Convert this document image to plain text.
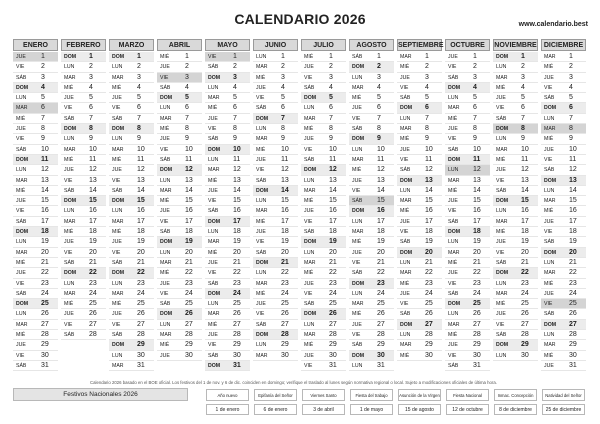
CALENDARIO 2026	www.calendario.best
ENERO
JUE 1
VIE 2
SÁB 3
DOM 4
LUN 5
MAR 6
MIÉ 7
JUE 8
VIE 9
SÁB 10
DOM 11
LUN 12
MAR 13
MIÉ 14
JUE 15
VIE 16
SÁB 17
DOM 18
LUN 19
MAR 20
MIÉ 21
JUE 22
VIE 23
SÁB 24
DOM 25
LUN 26
MAR 27
MIÉ 28
JUE 29
VIE 30
SÁB 31
FEBRERO
DOM 1
LUN 2
MAR 3
MIÉ 4
JUE 5
VIE 6
SÁB 7
DOM 8
LUN 9
MAR 10
MIÉ 11
JUE 12
VIE 13
SÁB 14
DOM 15
LUN 16
MAR 17
MIÉ 18
JUE 19
VIE 20
SÁB 21
DOM 22
LUN 23
MAR 24
MIÉ 25
JUE 26
VIE 27
SÁB 28
MARZO
DOM 1
LUN 2
MAR 3
MIÉ 4
JUE 5
VIE 6
SÁB 7
DOM 8
LUN 9
MAR 10
MIÉ 11
JUE 12
VIE 13
SÁB 14
DOM 15
LUN 16
MAR 17
MIÉ 18
JUE 19
VIE 20
SÁB 21
DOM 22
LUN 23
MAR 24
MIÉ 25
JUE 26
VIE 27
SÁB 28
DOM 29
LUN 30
MAR 31
ABRIL
MIÉ 1
JUE 2
VIE 3
SÁB 4
DOM 5
LUN 6
MAR 7
MIÉ 8
JUE 9
VIE 10
SÁB 11
DOM 12
LUN 13
MAR 14
MIÉ 15
JUE 16
VIE 17
SÁB 18
DOM 19
LUN 20
MAR 21
MIÉ 22
JUE 23
VIE 24
SÁB 25
DOM 26
LUN 27
MAR 28
MIÉ 29
JUE 30
MAYO
VIE 1
SÁB 2
DOM 3
LUN 4
MAR 5
MIÉ 6
JUE 7
VIE 8
SÁB 9
DOM 10
LUN 11
MAR 12
MIÉ 13
JUE 14
VIE 15
SÁB 16
DOM 17
LUN 18
MAR 19
MIÉ 20
JUE 21
VIE 22
SÁB 23
DOM 24
LUN 25
MAR 26
MIÉ 27
JUE 28
VIE 29
SÁB 30
DOM 31
JUNIO
LUN 1
MAR 2
MIÉ 3
JUE 4
VIE 5
SÁB 6
DOM 7
LUN 8
MAR 9
MIÉ 10
JUE 11
VIE 12
SÁB 13
DOM 14
LUN 15
MAR 16
MIÉ 17
JUE 18
VIE 19
SÁB 20
DOM 21
LUN 22
MAR 23
MIÉ 24
JUE 25
VIE 26
SÁB 27
DOM 28
LUN 29
MAR 30
JULIO
MIÉ 1
JUE 2
VIE 3
SÁB 4
DOM 5
LUN 6
MAR 7
MIÉ 8
JUE 9
VIE 10
SÁB 11
DOM 12
LUN 13
MAR 14
MIÉ 15
JUE 16
VIE 17
SÁB 18
DOM 19
LUN 20
MAR 21
MIÉ 22
JUE 23
VIE 24
SÁB 25
DOM 26
LUN 27
MAR 28
MIÉ 29
JUE 30
VIE 31
AGOSTO
SÁB 1
DOM 2
LUN 3
MAR 4
MIÉ 5
JUE 6
VIE 7
SÁB 8
DOM 9
LUN 10
MAR 11
MIÉ 12
JUE 13
VIE 14
SÁB 15
DOM 16
LUN 17
MAR 18
MIÉ 19
JUE 20
VIE 21
SÁB 22
DOM 23
LUN 24
MAR 25
MIÉ 26
JUE 27
VIE 28
SÁB 29
DOM 30
LUN 31
SEPTIEMBRE
MAR 1
MIÉ 2
JUE 3
VIE 4
SÁB 5
DOM 6
LUN 7
MAR 8
MIÉ 9
JUE 10
VIE 11
SÁB 12
DOM 13
LUN 14
MAR 15
MIÉ 16
JUE 17
VIE 18
SÁB 19
DOM 20
LUN 21
MAR 22
MIÉ 23
JUE 24
VIE 25
SÁB 26
DOM 27
LUN 28
MAR 29
MIÉ 30
OCTUBRE
JUE 1
VIE 2
SÁB 3
DOM 4
LUN 5
MAR 6
MIÉ 7
JUE 8
VIE 9
SÁB 10
DOM 11
LUN 12
MAR 13
MIÉ 14
JUE 15
VIE 16
SÁB 17
DOM 18
LUN 19
MAR 20
MIÉ 21
JUE 22
VIE 23
SÁB 24
DOM 25
LUN 26
MAR 27
MIÉ 28
JUE 29
VIE 30
SÁB 31
NOVIEMBRE
DOM 1
LUN 2
MAR 3
MIÉ 4
JUE 5
VIE 6
SÁB 7
DOM 8
LUN 9
MAR 10
MIÉ 11
JUE 12
VIE 13
SÁB 14
DOM 15
LUN 16
MAR 17
MIÉ 18
JUE 19
VIE 20
SÁB 21
DOM 22
LUN 23
MAR 24
MIÉ 25
JUE 26
VIE 27
SÁB 28
DOM 29
LUN 30
DICIEMBRE
MAR 1
MIÉ 2
JUE 3
VIE 4
SÁB 5
DOM 6
LUN 7
MAR 8
MIÉ 9
JUE 10
VIE 11
SÁB 12
DOM 13
LUN 14
MAR 15
MIÉ 16
JUE 17
VIE 18
SÁB 19
DOM 20
LUN 21
MAR 22
MIÉ 23
JUE 24
VIE 25
SÁB 26
DOM 27
LUN 28
MAR 29
MIÉ 30
JUE 31
Calendario 2026 basado en el BOE oficial. Los festivos del 1 de nov. y 6 de dic. coinciden en domingo; verifique el traslado al lunes según normativa regional o local. Sujeto a modificaciones oficiales de última hora.
Festivos Nacionales 2026	Año nuevo
1 de enero
Epifanía del Señor
6 de enero
Viernes Santo
3 de abril
Fiesta del trabajo
1 de mayo
Asunción de la Virgen
15 de agosto
Fiesta Nacional
12 de octubre
Inmac. Concepción
8 de diciembre
Natividad del Señor
25 de diciembre
